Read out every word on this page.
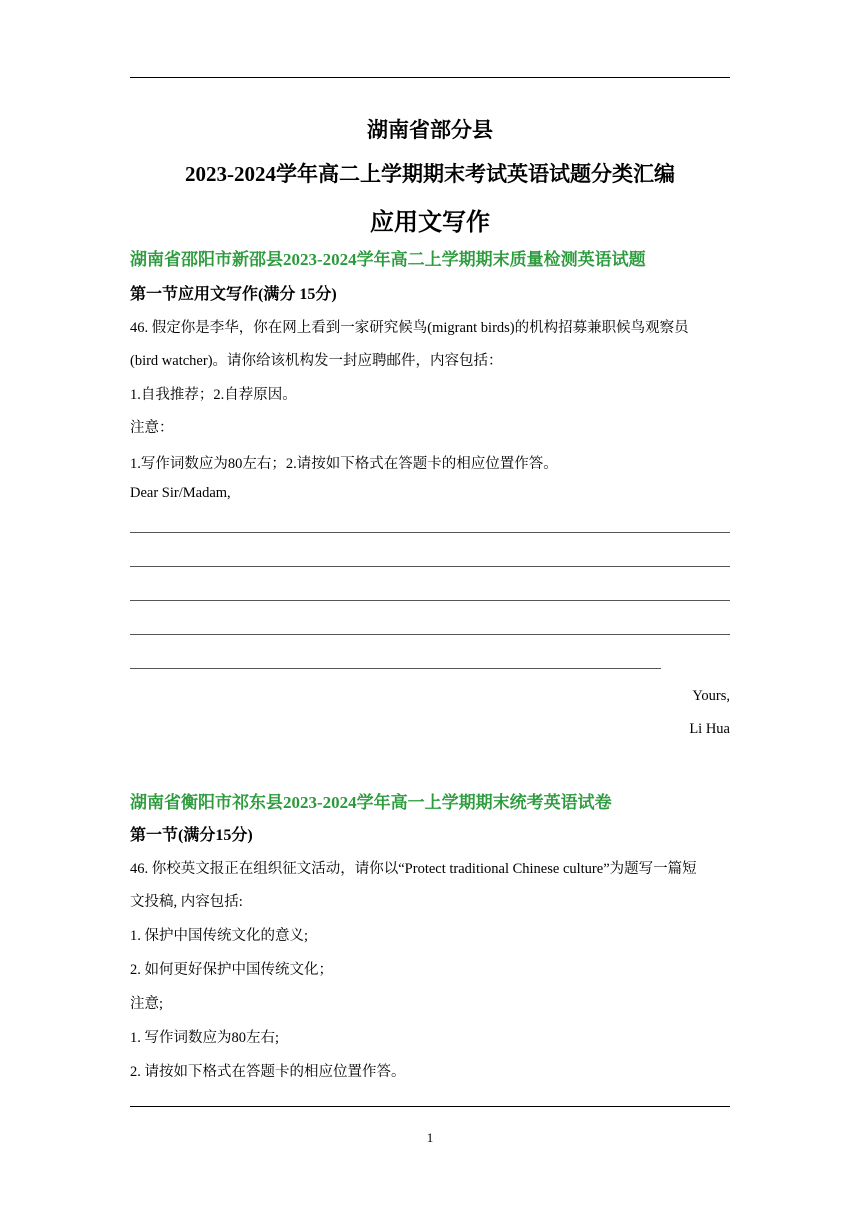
湖南省部分县
2023-2024学年高二上学期期末考试英语试题分类汇编
应用文写作
湖南省邵阳市新邵县2023-2024学年高二上学期期末质量检测英语试题
第一节应用文写作(满分 15分)
46. 假定你是李华，你在网上看到一家研究候鸟(migrant birds)的机构招募兼职候鸟观察员
(bird watcher)。请你给该机构发一封应聘邮件，内容包括：
1.自我推荐；2.自荐原因。
注意：
1.写作词数应为80左右；2.请按如下格式在答题卡的相应位置作答。
Dear Sir/Madam,
Yours,
Li Hua
湖南省衡阳市祁东县2023-2024学年高一上学期期末统考英语试卷
第一节(满分15分)
46. 你校英文报正在组织征文活动，请你以“Protect traditional Chinese culture”为题写一篇短
文投稿, 内容包括:
1. 保护中国传统文化的意义;
2. 如何更好保护中国传统文化；
注意;
1. 写作词数应为80左右;
2. 请按如下格式在答题卡的相应位置作答。
1
